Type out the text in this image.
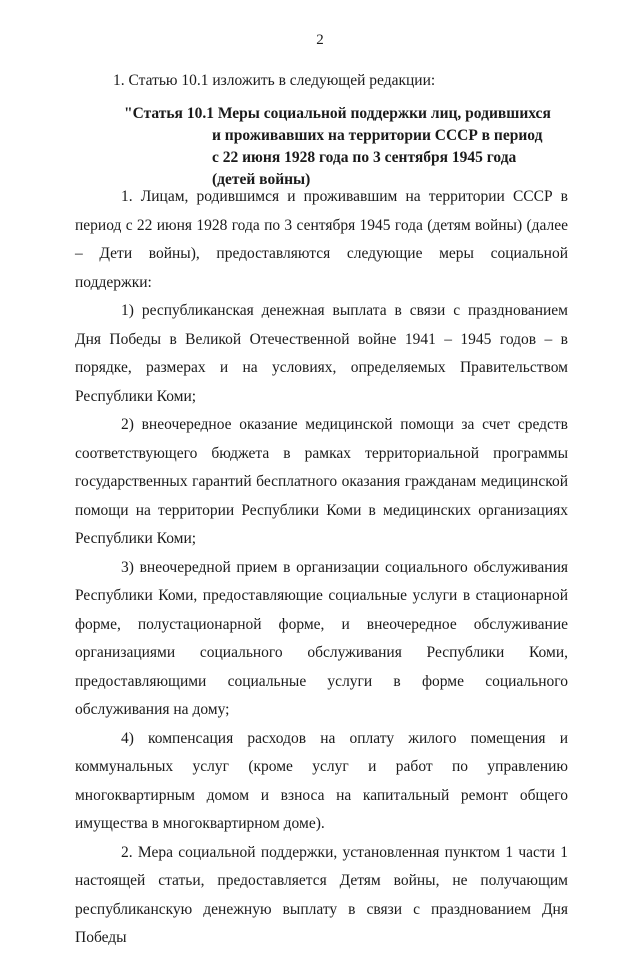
2
1. Статью 10.1 изложить в следующей редакции:
"Статья 10.1 Меры социальной поддержки лиц, родившихся
и проживавших на территории СССР в период
с 22 июня 1928 года по 3 сентября 1945 года
(детей войны)

1. Лицам, родившимся и проживавшим на территории СССР в период с 22 июня 1928 года по 3 сентября 1945 года (детям войны) (далее – Дети войны), предоставляются следующие меры социальной поддержки:

1) республиканская денежная выплата в связи с празднованием Дня Победы в Великой Отечественной войне 1941 – 1945 годов – в порядке, размерах и на условиях, определяемых Правительством Республики Коми;

2) внеочередное оказание медицинской помощи за счет средств соответствующего бюджета в рамках территориальной программы государственных гарантий бесплатного оказания гражданам медицинской помощи на территории Республики Коми в медицинских организациях Республики Коми;

3) внеочередной прием в организации социального обслуживания Республики Коми, предоставляющие социальные услуги в стационарной форме, полустационарной форме, и внеочередное обслуживание организациями социального обслуживания Республики Коми, предоставляющими социальные услуги в форме социального обслуживания на дому;

4) компенсация расходов на оплату жилого помещения и коммунальных услуг (кроме услуг и работ по управлению многоквартирным домом и взноса на капитальный ремонт общего имущества в многоквартирном доме).

2. Мера социальной поддержки, установленная пунктом 1 части 1 настоящей статьи, предоставляется Детям войны, не получающим республиканскую денежную выплату в связи с празднованием Дня Победы
